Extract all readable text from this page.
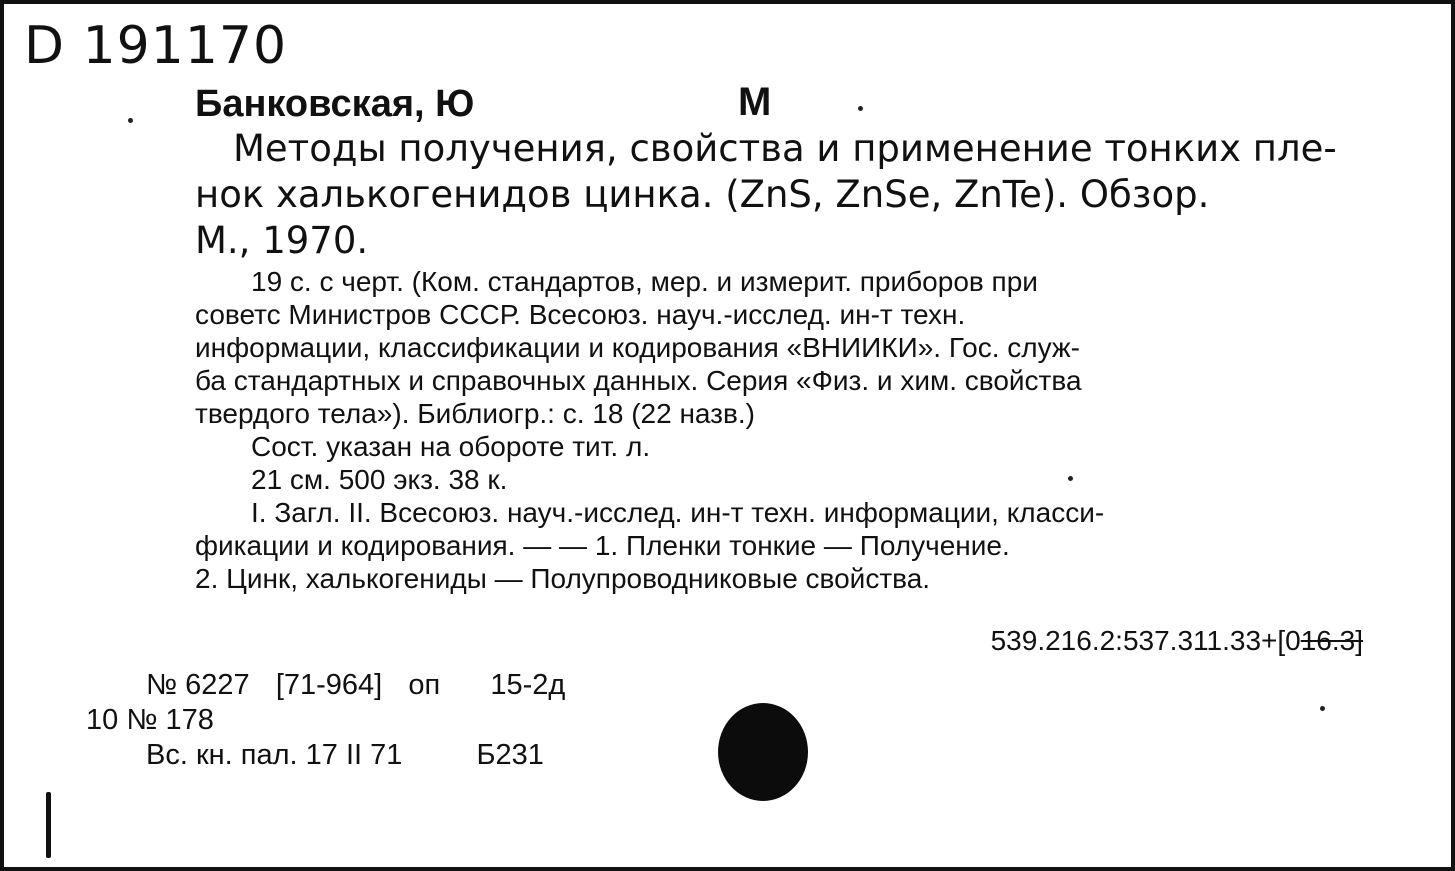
D 191170
Банковская, Ю	М
Методы получения, свойства и применение тонких пле-
нок халькогенидов цинка. (ZnS, ZnSe, ZnTe). Обзор.
М., 1970.
19 с. с черт. (Ком. стандартов, мер. и измерит. приборов при
советс Министров СССР. Всесоюз. науч.-исслед. ин-т техн.
информации, классификации и кодирования «ВНИИКИ». Гос. служ-
ба стандартных и справочных данных. Серия «Физ. и хим. свойства
твердого тела»). Библиогр.: с. 18 (22 назв.)
Сост. указан на обороте тит. л.
21 см. 500 экз. 38 к.
I. Загл. II. Всесоюз. науч.-исслед. ин-т техн. информации, класси-
фикации и кодирования. — — 1. Пленки тонкие — Получение.
2. Цинк, халькогениды — Полупроводниковые свойства.
539.216.2:537.311.33+[016.3]
№ 6227 [71-964] оп 15-2д
10 № 178
Вс. кн. пал. 17 II 71	Б231
